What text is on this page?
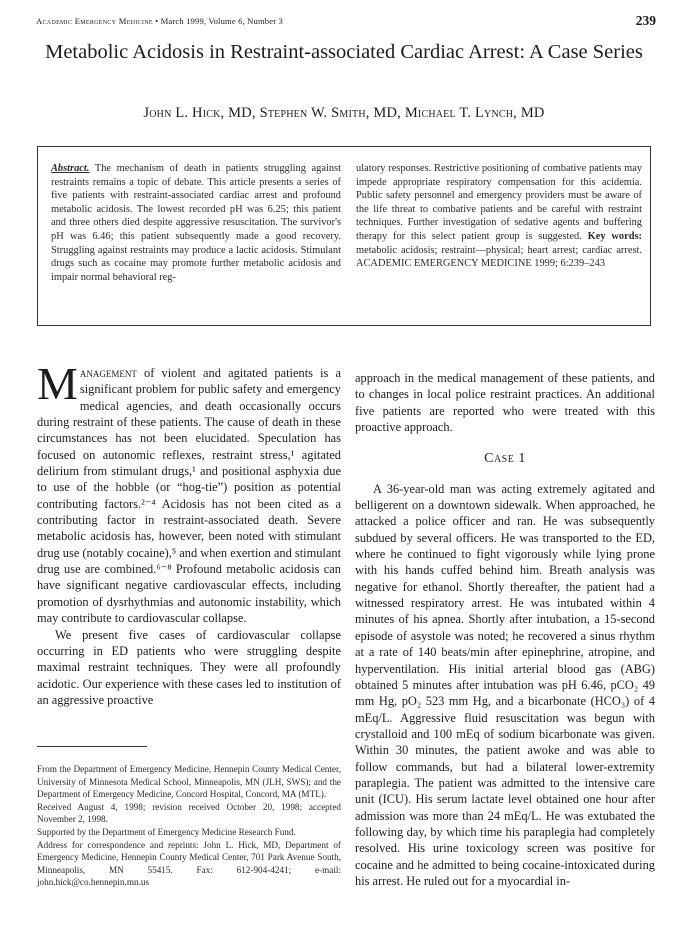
Academic Emergency Medicine • March 1999, Volume 6, Number 3	239
Metabolic Acidosis in Restraint-associated Cardiac Arrest: A Case Series
John L. Hick, MD, Stephen W. Smith, MD, Michael T. Lynch, MD
Abstract. The mechanism of death in patients struggling against restraints remains a topic of debate. This article presents a series of five patients with restraint-associated cardiac arrest and profound metabolic acidosis. The lowest recorded pH was 6.25; this patient and three others died despite aggressive resuscitation. The survivor's pH was 6.46; this patient subsequently made a good recovery. Struggling against restraints may produce a lactic acidosis. Stimulant drugs such as cocaine may promote further metabolic acidosis and impair normal behavioral reg-
ulatory responses. Restrictive positioning of combative patients may impede appropriate respiratory compensation for this acidemia. Public safety personnel and emergency providers must be aware of the life threat to combative patients and be careful with restraint techniques. Further investigation of sedative agents and buffering therapy for this select patient group is suggested. Key words: metabolic acidosis; restraint—physical; heart arrest; cardiac arrest. ACADEMIC EMERGENCY MEDICINE 1999; 6:239–243

Management of violent and agitated patients is a significant problem for public safety and emergency medical agencies, and death occasionally occurs during restraint of these patients. The cause of death in these circumstances has not been elucidated. Speculation has focused on autonomic reflexes, restraint stress,¹ agitated delirium from stimulant drugs,¹ and positional asphyxia due to use of the hobble (or “hog-tie”) position as potential contributing factors.²⁻⁴ Acidosis has not been cited as a contributing factor in restraint-associated death. Severe metabolic acidosis has, however, been noted with stimulant drug use (notably cocaine),⁵ and when exertion and stimulant drug use are combined.⁶⁻⁸ Profound metabolic acidosis can have significant negative cardiovascular effects, including promotion of dysrhythmias and autonomic instability, which may contribute to cardiovascular collapse.

We present five cases of cardiovascular collapse occurring in ED patients who were struggling despite maximal restraint techniques. They were all profoundly acidotic. Our experience with these cases led to institution of an aggressive proactive

approach in the medical management of these patients, and to changes in local police restraint practices. An additional five patients are reported who were treated with this proactive approach.

Case 1

A 36-year-old man was acting extremely agitated and belligerent on a downtown sidewalk. When approached, he attacked a police officer and ran. He was subsequently subdued by several officers. He was transported to the ED, where he continued to fight vigorously while lying prone with his hands cuffed behind him. Breath analysis was negative for ethanol. Shortly thereafter, the patient had a witnessed respiratory arrest. He was intubated within 4 minutes of his apnea. Shortly after intubation, a 15-second episode of asystole was noted; he recovered a sinus rhythm at a rate of 140 beats/min after epinephrine, atropine, and hyperventilation. His initial arterial blood gas (ABG) obtained 5 minutes after intubation was pH 6.46, pCO₂ 49 mm Hg, pO₂ 523 mm Hg, and a bicarbonate (HCO₃) of 4 mEq/L. Aggressive fluid resuscitation was begun with crystalloid and 100 mEq of sodium bicarbonate was given. Within 30 minutes, the patient awoke and was able to follow commands, but had a bilateral lower-extremity paraplegia. The patient was admitted to the intensive care unit (ICU). His serum lactate level obtained one hour after admission was more than 24 mEq/L. He was extubated the following day, by which time his paraplegia had completely resolved. His urine toxicology screen was positive for cocaine and he admitted to being cocaine-intoxicated during his arrest. He ruled out for a myocardial in-

From the Department of Emergency Medicine, Hennepin County Medical Center, University of Minnesota Medical School, Minneapolis, MN (JLH, SWS); and the Department of Emergency Medicine, Concord Hospital, Concord, MA (MTL).

Received August 4, 1998; revision received October 20, 1998; accepted November 2, 1998.

Supported by the Department of Emergency Medicine Research Fund.

Address for correspondence and reprints: John L. Hick, MD, Department of Emergency Medicine, Hennepin County Medical Center, 701 Park Avenue South, Minneapolis, MN 55415. Fax: 612-904-4241; e-mail: john.hick@co.hennepin.mn.us
